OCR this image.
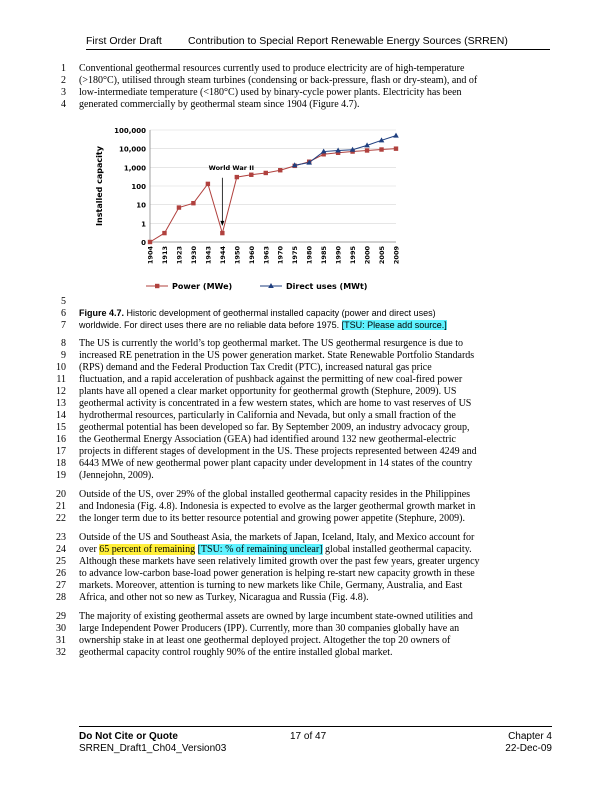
First Order Draft Contribution to Special Report Renewable Energy Sources (SRREN)
1 Conventional geothermal resources currently used to produce electricity are of high-temperature
2 (>180°C), utilised through steam turbines (condensing or back-pressure, flash or dry-steam), and of
3 low-intermediate temperature (<180°C) used by binary-cycle power plants. Electricity has been
4 generated commercially by geothermal steam since 1904 (Figure 4.7).
5
6 Figure 4.7. Historic development of geothermal installed capacity (power and direct uses)
7 worldwide. For direct uses there are no reliable data before 1975. [TSU: Please add source.]
8 The US is currently the world’s top geothermal market. The US geothermal resurgence is due to
9 increased RE penetration in the US power generation market. State Renewable Portfolio Standards
10 (RPS) demand and the Federal Production Tax Credit (PTC), increased natural gas price
11 fluctuation, and a rapid acceleration of pushback against the permitting of new coal-fired power
12 plants have all opened a clear market opportunity for geothermal growth (Stephure, 2009). US
13 geothermal activity is concentrated in a few western states, which are home to vast reserves of US
14 hydrothermal resources, particularly in California and Nevada, but only a small fraction of the
15 geothermal potential has been developed so far. By September 2009, an industry advocacy group,
16 the Geothermal Energy Association (GEA) had identified around 132 new geothermal-electric
17 projects in different stages of development in the US. These projects represented between 4249 and
18 6443 MWe of new geothermal power plant capacity under development in 14 states of the country
19 (Jennejohn, 2009).
20 Outside of the US, over 29% of the global installed geothermal capacity resides in the Philippines
21 and Indonesia (Fig. 4.8). Indonesia is expected to evolve as the larger geothermal growth market in
22 the longer term due to its better resource potential and growing power appetite (Stephure, 2009).
23 Outside of the US and Southeast Asia, the markets of Japan, Iceland, Italy, and Mexico account for
24 over 65 percent of remaining [TSU: % of remaining unclear] global installed geothermal capacity.
25 Although these markets have seen relatively limited growth over the past few years, greater urgency
26 to advance low-carbon base-load power generation is helping re-start new capacity growth in these
27 markets. Moreover, attention is turning to new markets like Chile, Germany, Australia, and East
28 Africa, and other not so new as Turkey, Nicaragua and Russia (Fig. 4.8).
29 The majority of existing geothermal assets are owned by large incumbent state-owned utilities and
30 large Independent Power Producers (IPP). Currently, more than 30 companies globally have an
31 ownership stake in at least one geothermal deployed project. Altogether the top 20 owners of
32 geothermal capacity control roughly 90% of the entire installed global market.
0
1
10
100
1,000
10,000
100,000
Installed capacity
1904 1913 1923 1930 1943 1944 1950 1960 1963 1970 1975 1980 1985 1990 1995 2000 2005 2009
World War II
Power (MWe)	Direct uses (MWt)
Do Not Cite or Quote	17 of 47	Chapter 4
SRREN_Draft1_Ch04_Version03	22-Dec-09
